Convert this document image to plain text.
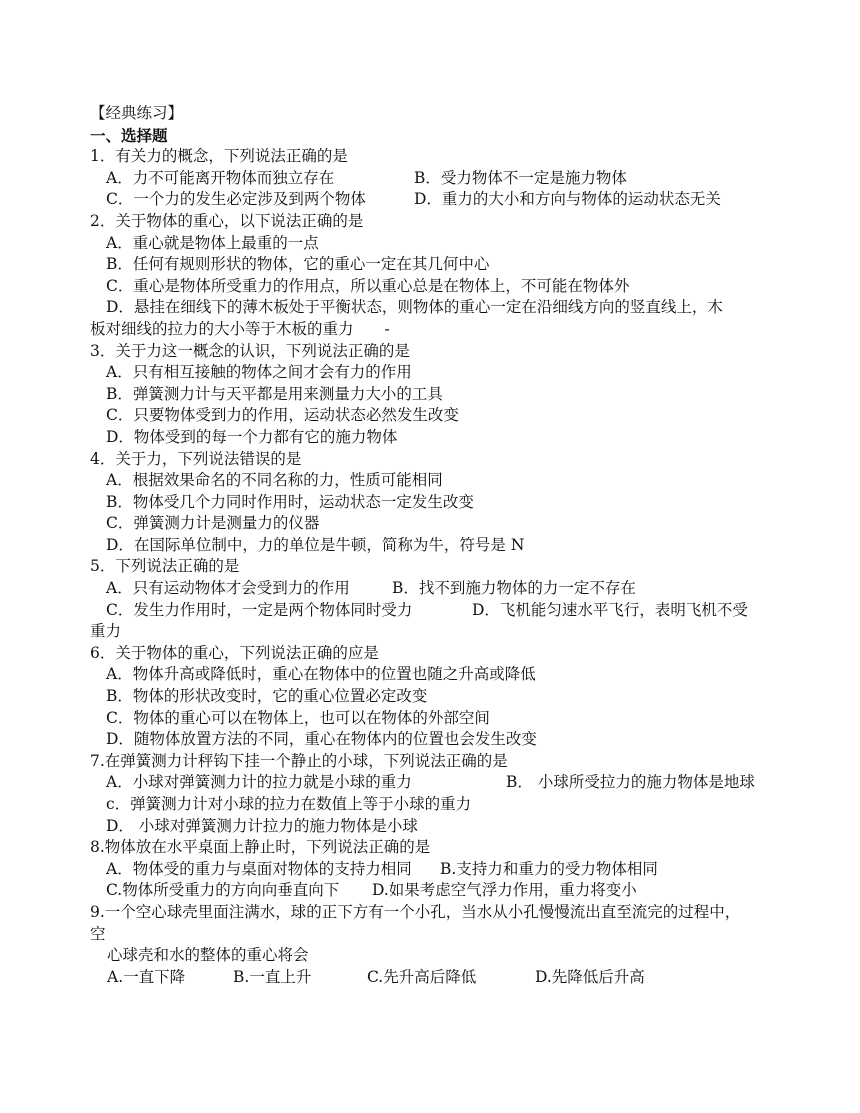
【经典练习】
一、选择题
1．有关力的概念，下列说法正确的是
A．力不可能离开物体而独立存在	B．受力物体不一定是施力物体
C．一个力的发生必定涉及到两个物体	D．重力的大小和方向与物体的运动状态无关
2．关于物体的重心，以下说法正确的是
A．重心就是物体上最重的一点
B．任何有规则形状的物体，它的重心一定在其几何中心
C．重心是物体所受重力的作用点，所以重心总是在物体上，不可能在物体外
D．悬挂在细线下的薄木板处于平衡状态，则物体的重心一定在沿细线方向的竖直线上，木
板对细线的拉力的大小等于木板的重力　　-
3．关于力这一概念的认识，下列说法正确的是
A．只有相互接触的物体之间才会有力的作用
B．弹簧测力计与天平都是用来测量力大小的工具
C．只要物体受到力的作用，运动状态必然发生改变
D．物体受到的每一个力都有它的施力物体
4．关于力，下列说法错误的是
A．根据效果命名的不同名称的力，性质可能相同
B．物体受几个力同时作用时，运动状态一定发生改变
C．弹簧测力计是测量力的仪器
D．在国际单位制中，力的单位是牛顿，简称为牛，符号是 N
5．下列说法正确的是
A．只有运动物体才会受到力的作用	B．找不到施力物体的力一定不存在
C．发生力作用时，一定是两个物体同时受力	D．飞机能匀速水平飞行，表明飞机不受
重力
6．关于物体的重心，下列说法正确的应是
A．物体升高或降低时，重心在物体中的位置也随之升高或降低
B．物体的形状改变时，它的重心位置必定改变
C．物体的重心可以在物体上，也可以在物体的外部空间
D．随物体放置方法的不同，重心在物体内的位置也会发生改变
7.在弹簧测力计秤钩下挂一个静止的小球，下列说法正确的是
A．小球对弹簧测力计的拉力就是小球的重力	B． 小球所受拉力的施力物体是地球
c．弹簧测力计对小球的拉力在数值上等于小球的重力
D． 小球对弹簧测力计拉力的施力物体是小球
8.物体放在水平桌面上静止时，下列说法正确的是
A．物体受的重力与桌面对物体的支持力相同	B.支持力和重力的受力物体相同
C.物体所受重力的方向向垂直向下	D.如果考虑空气浮力作用，重力将变小
9.一个空心球壳里面注满水，球的正下方有一个小孔，当水从小孔慢慢流出直至流完的过程中，
空
心球壳和水的整体的重心将会
A.一直下降	B.一直上升	C.先升高后降低	D.先降低后升高
